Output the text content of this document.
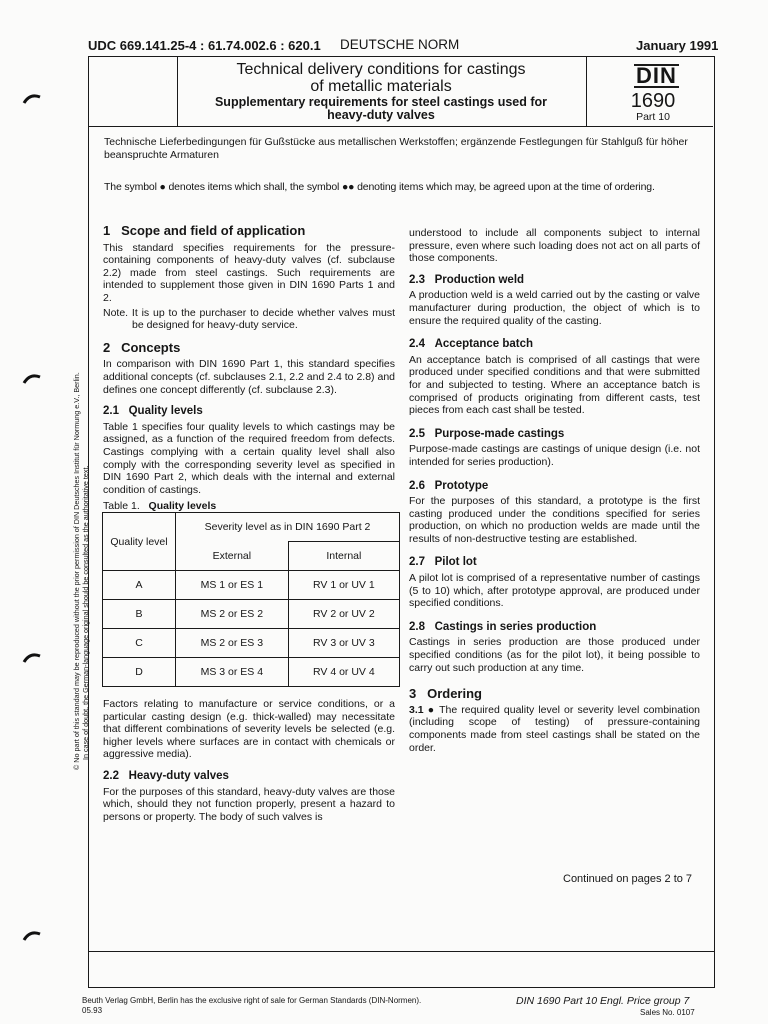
UDC 669.141.25-4 : 61.74.002.6 : 620.1 DEUTSCHE NORM	January 1991
Technical delivery conditions for castings
of metallic materials
Supplementary requirements for steel castings used for
heavy-duty valves
DIN
1690
Part 10
Technische Lieferbedingungen für Gußstücke aus metallischen Werkstoffen; ergänzende Festlegungen für Stahlguß für höher beanspruchte Armaturen
The symbol ● denotes items which shall, the symbol ●● denoting items which may, be agreed upon at the time of ordering.
1 Scope and field of application

This standard specifies requirements for the pressure-containing components of heavy-duty valves (cf. subclause 2.2) made from steel castings. Such requirements are intended to supplement those given in DIN 1690 Parts 1 and 2.

Note. It is up to the purchaser to decide whether valves must be designed for heavy-duty service.

2 Concepts

In comparison with DIN 1690 Part 1, this standard specifies additional concepts (cf. subclauses 2.1, 2.2 and 2.4 to 2.8) and defines one concept differently (cf. subclause 2.3).

2.1 Quality levels

Table 1 specifies four quality levels to which castings may be assigned, as a function of the required freedom from defects. Castings complying with a certain quality level shall also comply with the corresponding severity level as specified in DIN 1690 Part 2, which deals with the internal and external condition of castings.

Table 1. Quality levels
Quality level	Severity level as in DIN 1690 Part 2	
	External	Internal
A	MS 1 or ES 1	RV 1 or UV 1
B	MS 2 or ES 2	RV 2 or UV 2
C	MS 2 or ES 3	RV 3 or UV 3
D	MS 3 or ES 4	RV 4 or UV 4

Factors relating to manufacture or service conditions, or a particular casting design (e.g. thick-walled) may necessitate that different combinations of severity levels be selected (e.g. higher levels where surfaces are in contact with chemicals or aggressive media).

2.2 Heavy-duty valves

For the purposes of this standard, heavy-duty valves are those which, should they not function properly, present a hazard to persons or property. The body of such valves is

understood to include all components subject to internal pressure, even where such loading does not act on all parts of those components.

2.3 Production weld

A production weld is a weld carried out by the casting or valve manufacturer during production, the object of which is to ensure the required quality of the casting.

2.4 Acceptance batch

An acceptance batch is comprised of all castings that were produced under specified conditions and that were submitted for and subjected to testing. Where an acceptance batch is comprised of products originating from different casts, test pieces from each cast shall be tested.

2.5 Purpose-made castings

Purpose-made castings are castings of unique design (i.e. not intended for series production).

2.6 Prototype

For the purposes of this standard, a prototype is the first casting produced under the conditions specified for series production, on which no production welds are made until the results of non-destructive testing are established.

2.7 Pilot lot

A pilot lot is comprised of a representative number of castings (5 to 10) which, after prototype approval, are produced under specified conditions.

2.8 Castings in series production

Castings in series production are those produced under specified conditions (as for the pilot lot), it being possible to carry out such production at any time.

3 Ordering

3.1 ● The required quality level or severity level combination (including scope of testing) of pressure-containing components made from steel castings shall be stated on the order.

Continued on pages 2 to 7
© No part of this standard may be reproduced without the prior permission of DIN Deutsches Institut für Normung e.V., Berlin. In case of doubt, the German-language original should be consulted as the authoritative text.
Beuth Verlag GmbH, Berlin has the exclusive right of sale for German Standards (DIN-Normen).
05.93
DIN 1690 Part 10 Engl. Price group 7
Sales No. 0107
